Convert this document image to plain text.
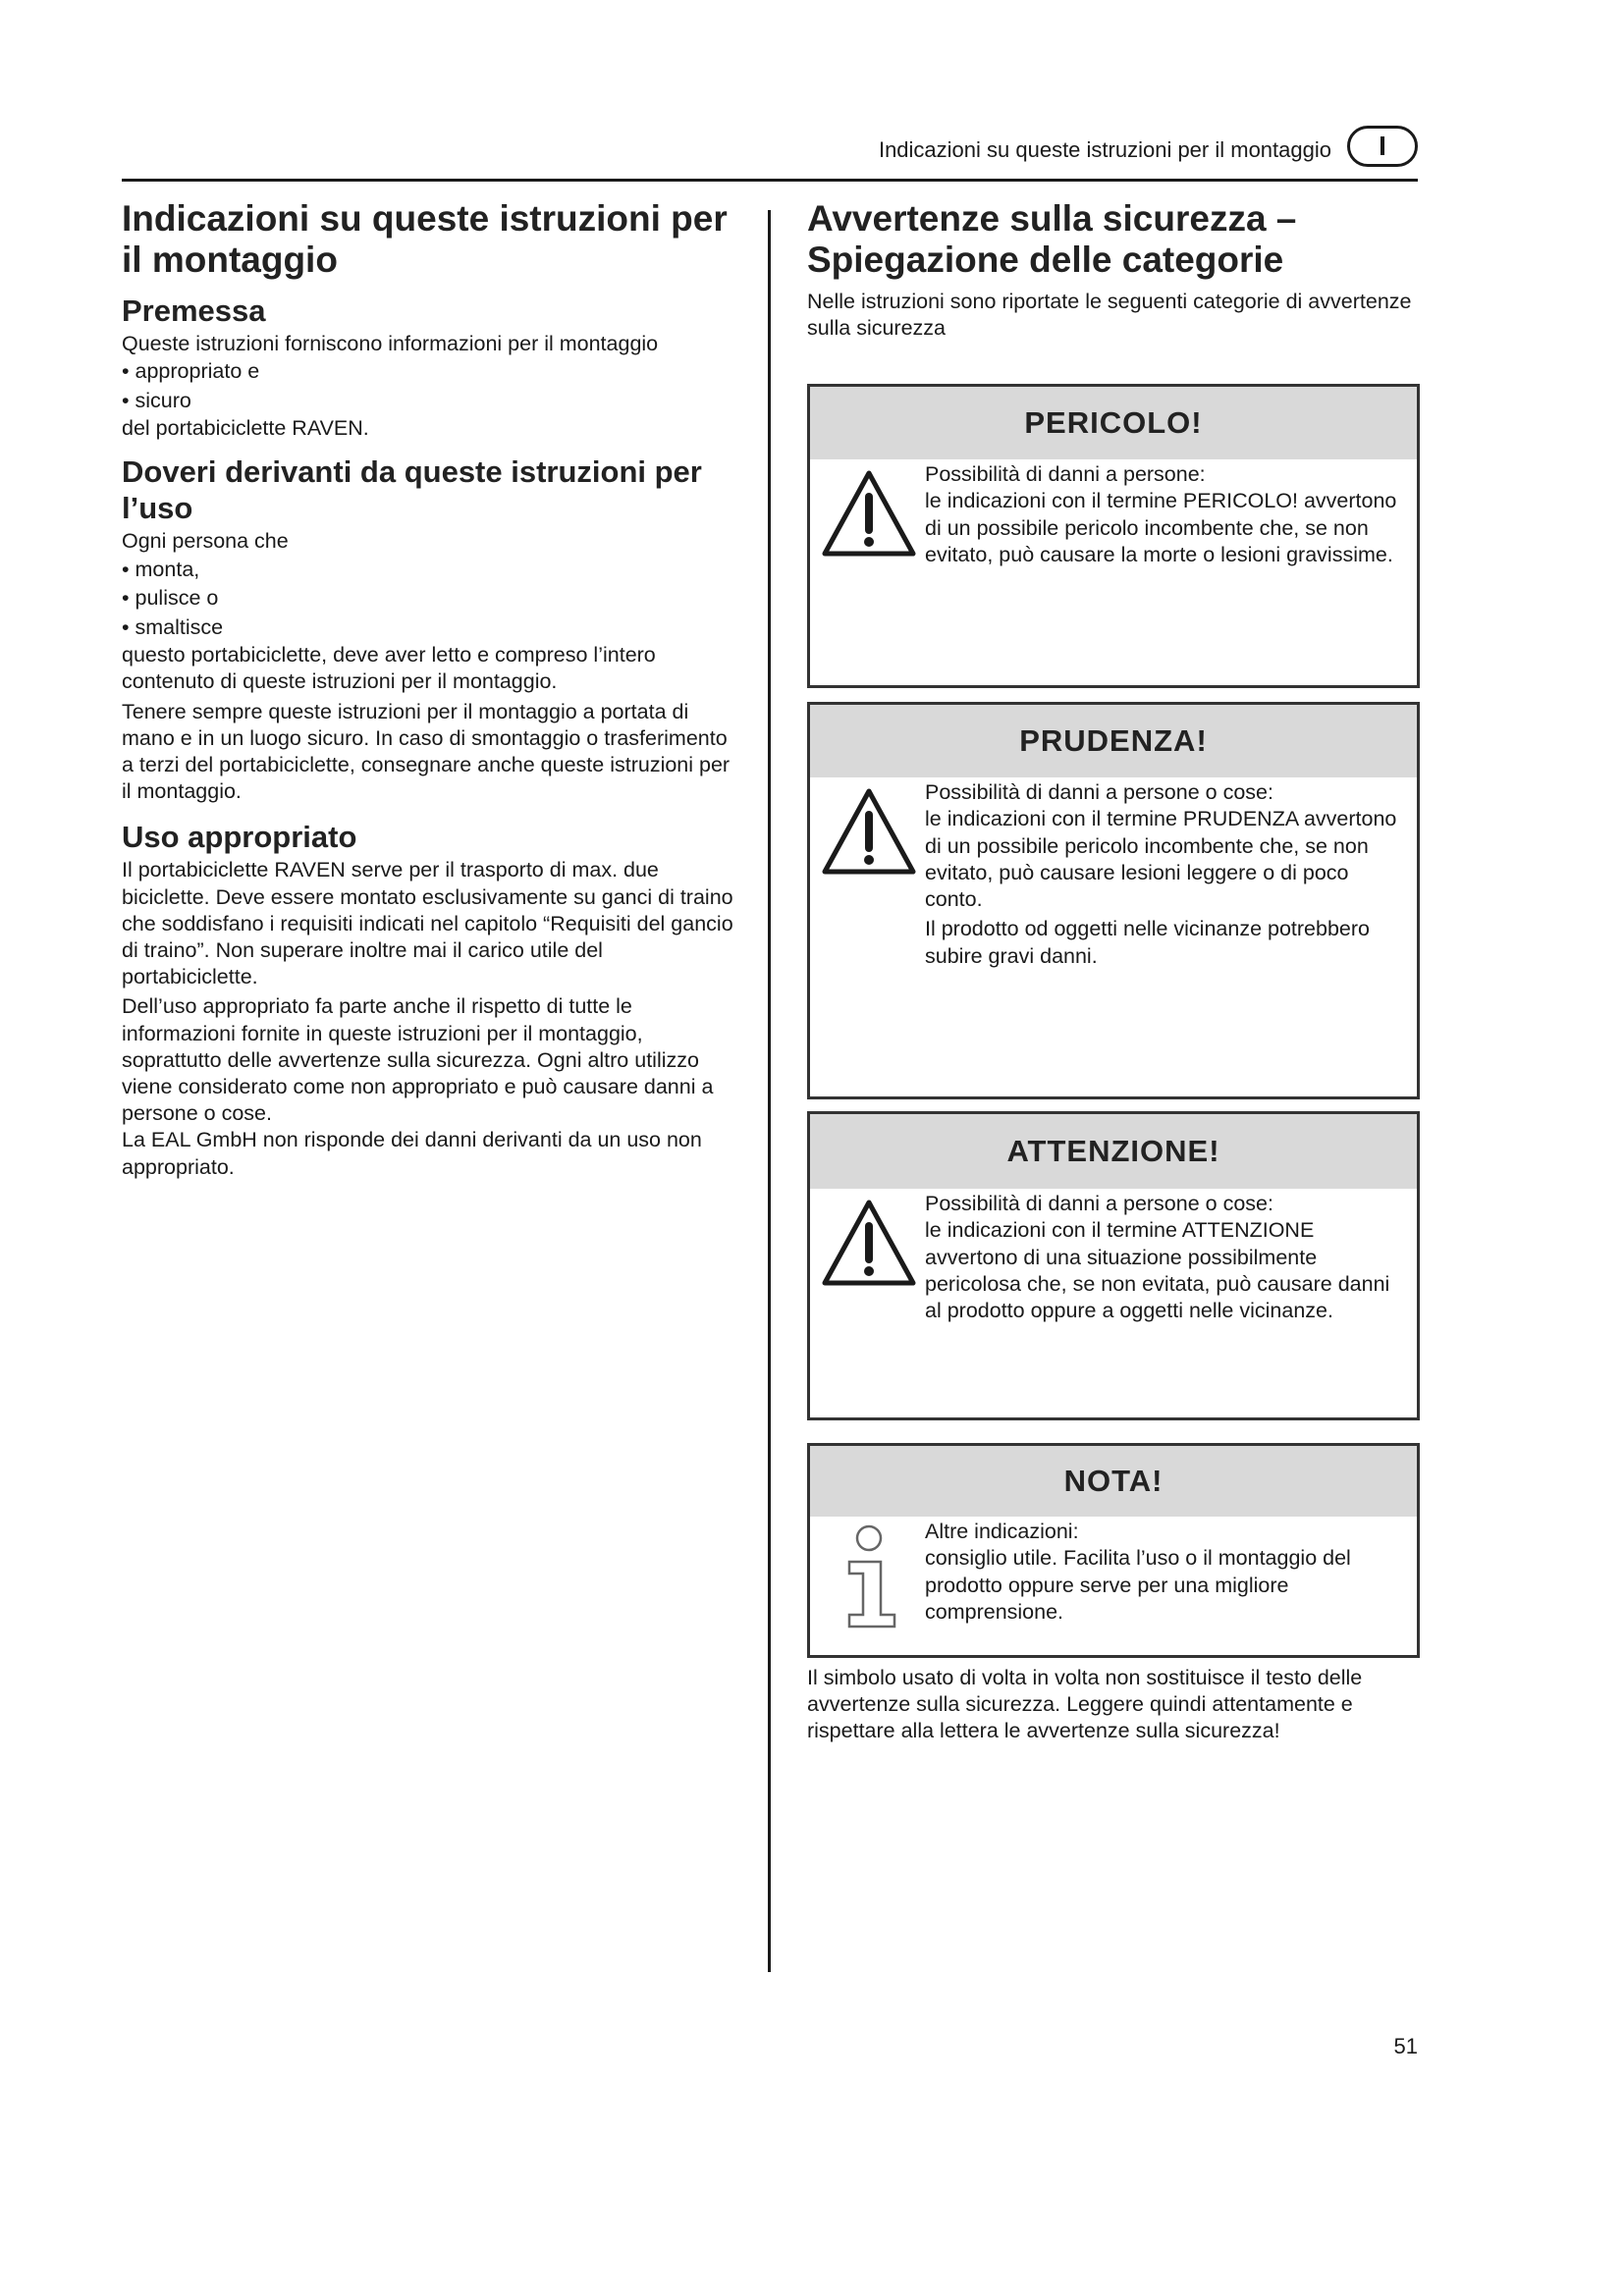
Indicazioni su queste istruzioni per il montaggio	I
Indicazioni su queste istruzioni per
il montaggio
Premessa

Queste istruzioni forniscono informazioni per il montaggio

• appropriato e
• sicuro

del portabiciclette RAVEN.

Doveri derivanti da queste istruzioni per
l’uso

Ogni persona che

• monta,
• pulisce o
• smaltisce

questo portabiciclette, deve aver letto e compreso l’intero contenuto di queste istruzioni per il montaggio.

Tenere sempre queste istruzioni per il montaggio a portata di mano e in un luogo sicuro. In caso di smontaggio o trasferimento a terzi del portabiciclette, consegnare anche queste istruzioni per il montaggio.

Uso appropriato

Il portabiciclette RAVEN serve per il trasporto di max. due biciclette. Deve essere montato esclusivamente su ganci di traino che soddisfano i requisiti indicati nel capitolo “Requisiti del gancio di traino”. Non superare inoltre mai il carico utile del portabiciclette.

Dell’uso appropriato fa parte anche il rispetto di tutte le informazioni fornite in queste istruzioni per il montaggio, soprattutto delle avvertenze sulla sicurezza. Ogni altro utilizzo viene considerato come non appropriato e può causare danni a persone o cose.

La EAL GmbH non risponde dei danni derivanti da un uso non appropriato.

Avvertenze sulla sicurezza –
Spiegazione delle categorie

Nelle istruzioni sono riportate le seguenti categorie di avvertenze sulla sicurezza

PERICOLO!

Possibilità di danni a persone:

le indicazioni con il termine PERICOLO! avvertono di un possibile pericolo incombente che, se non evitato, può causare la morte o lesioni gravissime.

PRUDENZA!

Possibilità di danni a persone o cose:

le indicazioni con il termine PRUDENZA avvertono di un possibile pericolo incombente che, se non evitato, può causare lesioni leggere o di poco conto.

Il prodotto od oggetti nelle vicinanze potrebbero subire gravi danni.

ATTENZIONE!

Possibilità di danni a persone o cose:

le indicazioni con il termine ATTENZIONE avvertono di una situazione possibilmente pericolosa che, se non evitata, può causare danni al prodotto oppure a oggetti nelle vicinanze.

NOTA!

Altre indicazioni:

consiglio utile. Facilita l’uso o il montaggio del prodotto oppure serve per una migliore comprensione.

Il simbolo usato di volta in volta non sostituisce il testo delle avvertenze sulla sicurezza. Leggere quindi attentamente e rispettare alla lettera le avvertenze sulla sicurezza!

51
